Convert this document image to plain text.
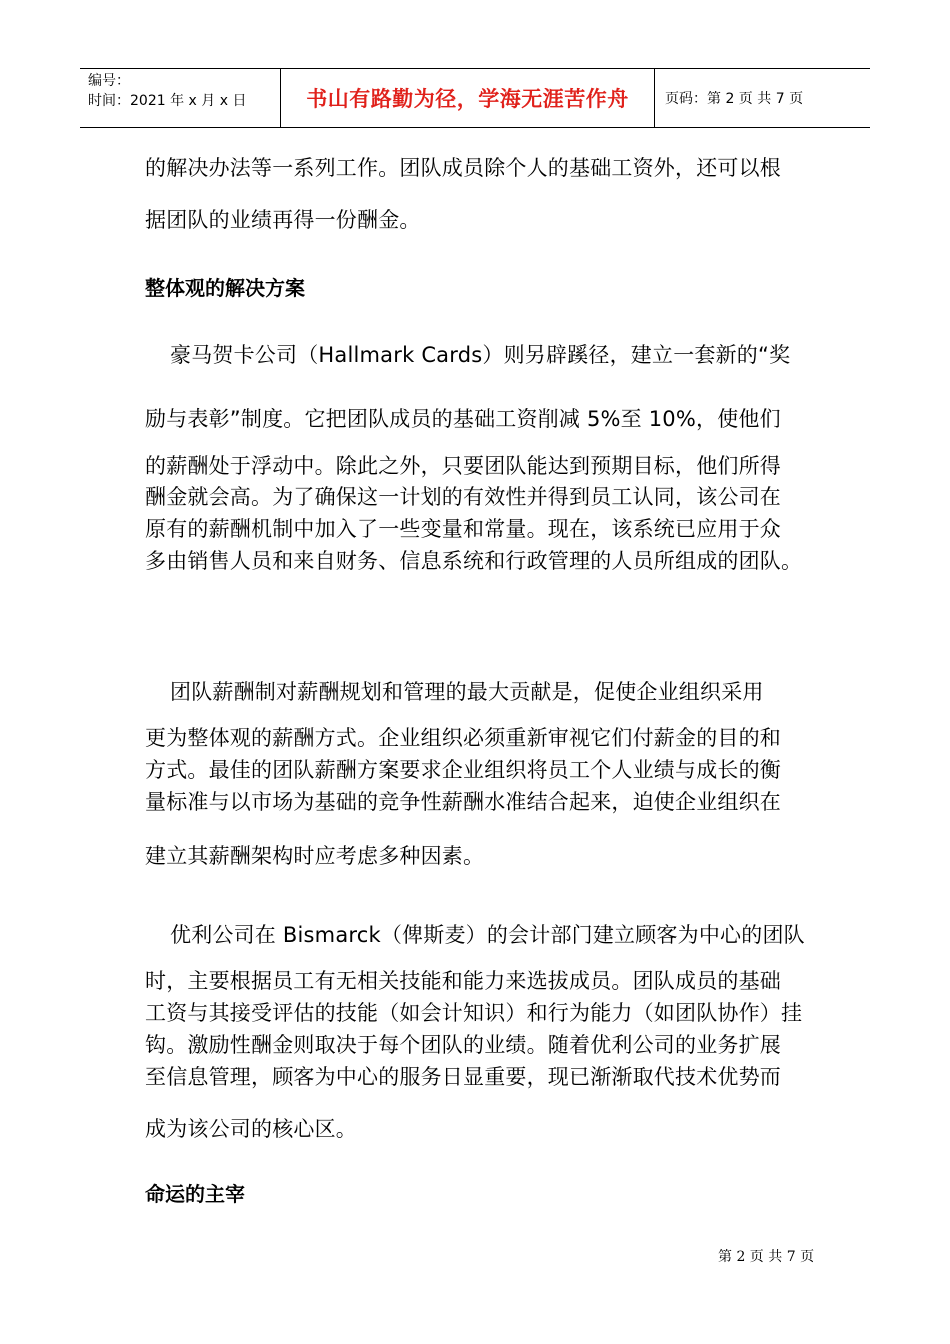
编号：
时间：2021 年 x 月 x 日	书山有路勤为径，学海无涯苦作舟	页码：第 2 页 共 7 页
的解决办法等一系列工作。团队成员除个人的基础工资外，还可以根
据团队的业绩再得一份酬金。
整体观的解决方案
豪马贺卡公司（Hallmark Cards）则另辟蹊径，建立一套新的“奖
励与表彰”制度。它把团队成员的基础工资削减 5%至 10%，使他们
的薪酬处于浮动中。除此之外，只要团队能达到预期目标，他们所得
酬金就会高。为了确保这一计划的有效性并得到员工认同，该公司在
原有的薪酬机制中加入了一些变量和常量。现在，该系统已应用于众
多由销售人员和来自财务、信息系统和行政管理的人员所组成的团队。
团队薪酬制对薪酬规划和管理的最大贡献是，促使企业组织采用
更为整体观的薪酬方式。企业组织必须重新审视它们付薪金的目的和
方式。最佳的团队薪酬方案要求企业组织将员工个人业绩与成长的衡
量标准与以市场为基础的竞争性薪酬水准结合起来，迫使企业组织在
建立其薪酬架构时应考虑多种因素。
优利公司在 Bismarck（俾斯麦）的会计部门建立顾客为中心的团队
时，主要根据员工有无相关技能和能力来选拔成员。团队成员的基础
工资与其接受评估的技能（如会计知识）和行为能力（如团队协作）挂
钩。激励性酬金则取决于每个团队的业绩。随着优利公司的业务扩展
至信息管理，顾客为中心的服务日显重要，现已渐渐取代技术优势而
成为该公司的核心区。
命运的主宰
第 2 页 共 7 页
